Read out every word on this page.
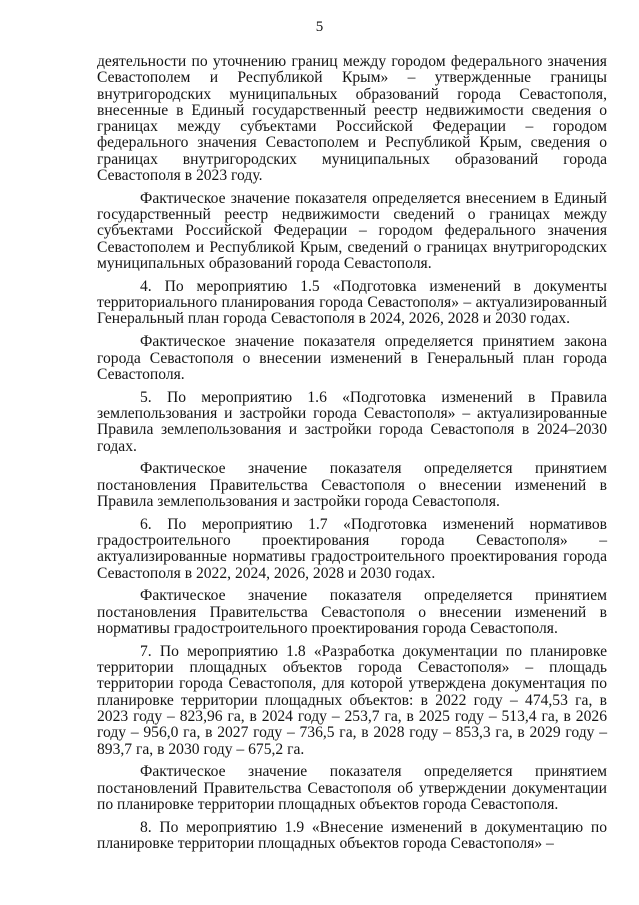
5

деятельности по уточнению границ между городом федерального значения Севастополем и Республикой Крым» – утвержденные границы внутригородских муниципальных образований города Севастополя, внесенные в Единый государственный реестр недвижимости сведения о границах между субъектами Российской Федерации – городом федерального значения Севастополем и Республикой Крым, сведения о границах внутригородских муниципальных образований города Севастополя в 2023 году.

Фактическое значение показателя определяется внесением в Единый государственный реестр недвижимости сведений о границах между субъектами Российской Федерации – городом федерального значения Севастополем и Республикой Крым, сведений о границах внутригородских муниципальных образований города Севастополя.

4. По мероприятию 1.5 «Подготовка изменений в документы территориального планирования города Севастополя» – актуализированный Генеральный план города Севастополя в 2024, 2026, 2028 и 2030 годах.

Фактическое значение показателя определяется принятием закона города Севастополя о внесении изменений в Генеральный план города Севастополя.

5. По мероприятию 1.6 «Подготовка изменений в Правила землепользования и застройки города Севастополя» – актуализированные Правила землепользования и застройки города Севастополя в 2024–2030 годах.

Фактическое значение показателя определяется принятием постановления Правительства Севастополя о внесении изменений в Правила землепользования и застройки города Севастополя.

6. По мероприятию 1.7 «Подготовка изменений нормативов градостроительного проектирования города Севастополя» – актуализированные нормативы градостроительного проектирования города Севастополя в 2022, 2024, 2026, 2028 и 2030 годах.

Фактическое значение показателя определяется принятием постановления Правительства Севастополя о внесении изменений в нормативы градостроительного проектирования города Севастополя.

7. По мероприятию 1.8 «Разработка документации по планировке территории площадных объектов города Севастополя» – площадь территории города Севастополя, для которой утверждена документация по планировке территории площадных объектов: в 2022 году – 474,53 га, в 2023 году – 823,96 га, в 2024 году – 253,7 га, в 2025 году – 513,4 га, в 2026 году – 956,0 га, в 2027 году – 736,5 га, в 2028 году – 853,3 га, в 2029 году – 893,7 га, в 2030 году – 675,2 га.

Фактическое значение показателя определяется принятием постановлений Правительства Севастополя об утверждении документации по планировке территории площадных объектов города Севастополя.

8. По мероприятию 1.9 «Внесение изменений в документацию по планировке территории площадных объектов города Севастополя» –
